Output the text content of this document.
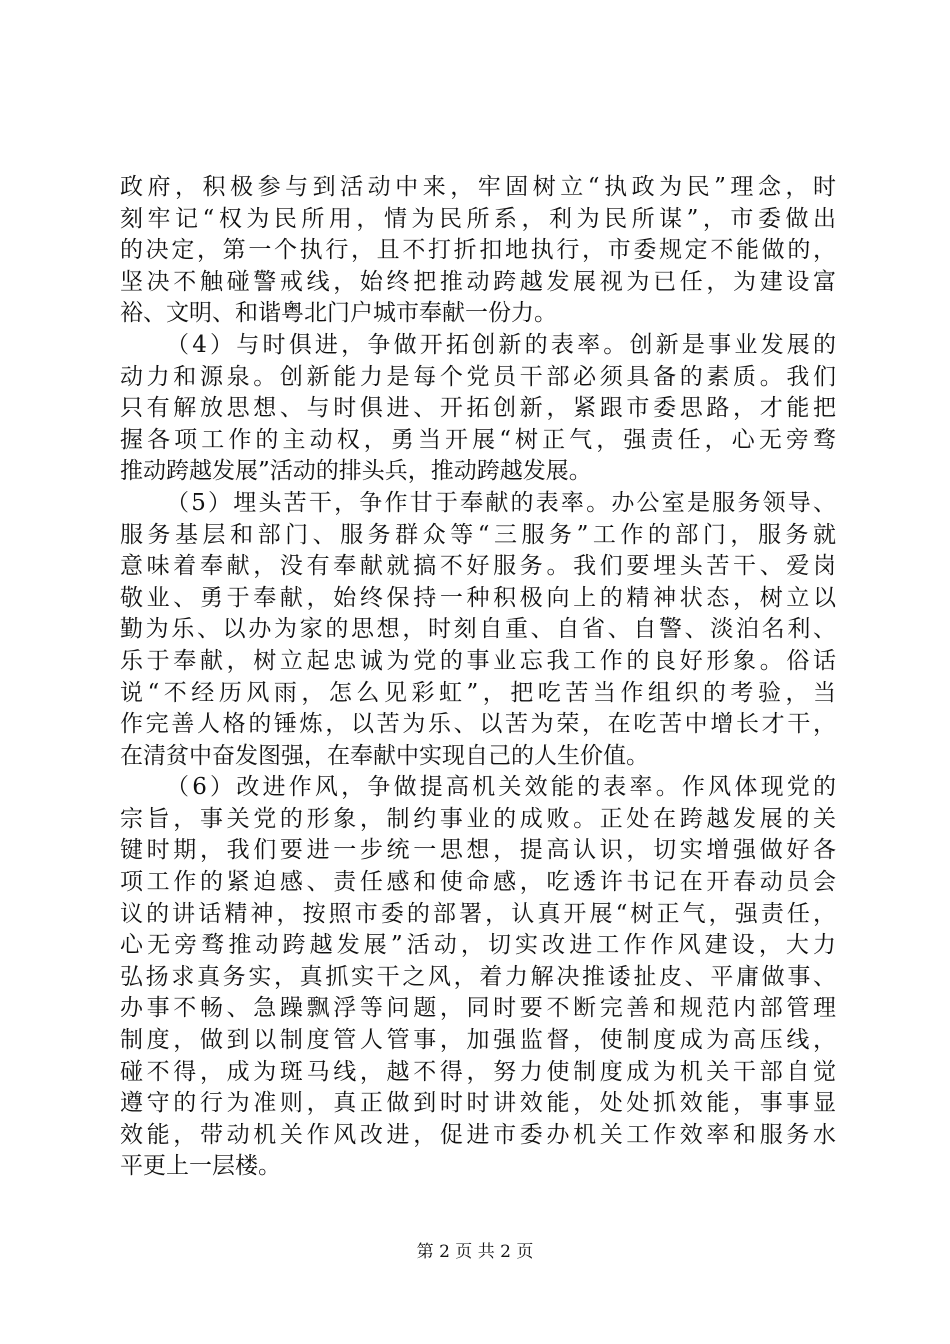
政府，积极参与到活动中来，牢固树立“执政为民”理念，时
刻牢记“权为民所用，情为民所系，利为民所谋”，市委做出
的决定，第一个执行，且不打折扣地执行，市委规定不能做的，
坚决不触碰警戒线，始终把推动跨越发展视为已任，为建设富
裕、文明、和谐粤北门户城市奉献一份力。
（4）与时俱进，争做开拓创新的表率。创新是事业发展的
动力和源泉。创新能力是每个党员干部必须具备的素质。我们
只有解放思想、与时俱进、开拓创新，紧跟市委思路，才能把
握各项工作的主动权，勇当开展“树正气，强责任，心无旁骛
推动跨越发展”活动的排头兵，推动跨越发展。
（5）埋头苦干，争作甘于奉献的表率。办公室是服务领导、
服务基层和部门、服务群众等“三服务”工作的部门，服务就
意味着奉献，没有奉献就搞不好服务。我们要埋头苦干、爱岗
敬业、勇于奉献，始终保持一种积极向上的精神状态，树立以
勤为乐、以办为家的思想，时刻自重、自省、自警、淡泊名利、
乐于奉献，树立起忠诚为党的事业忘我工作的良好形象。俗话
说“不经历风雨，怎么见彩虹”，把吃苦当作组织的考验，当
作完善人格的锤炼，以苦为乐、以苦为荣，在吃苦中增长才干，
在清贫中奋发图强，在奉献中实现自己的人生价值。
（6）改进作风，争做提高机关效能的表率。作风体现党的
宗旨，事关党的形象，制约事业的成败。正处在跨越发展的关
键时期，我们要进一步统一思想，提高认识，切实增强做好各
项工作的紧迫感、责任感和使命感，吃透许书记在开春动员会
议的讲话精神，按照市委的部署，认真开展“树正气，强责任，
心无旁骛推动跨越发展”活动，切实改进工作作风建设，大力
弘扬求真务实，真抓实干之风，着力解决推诿扯皮、平庸做事、
办事不畅、急躁飘浮等问题，同时要不断完善和规范内部管理
制度，做到以制度管人管事，加强监督，使制度成为高压线，
碰不得，成为斑马线，越不得，努力使制度成为机关干部自觉
遵守的行为准则，真正做到时时讲效能，处处抓效能，事事显
效能，带动机关作风改进，促进市委办机关工作效率和服务水
平更上一层楼。
第 2 页 共 2 页
